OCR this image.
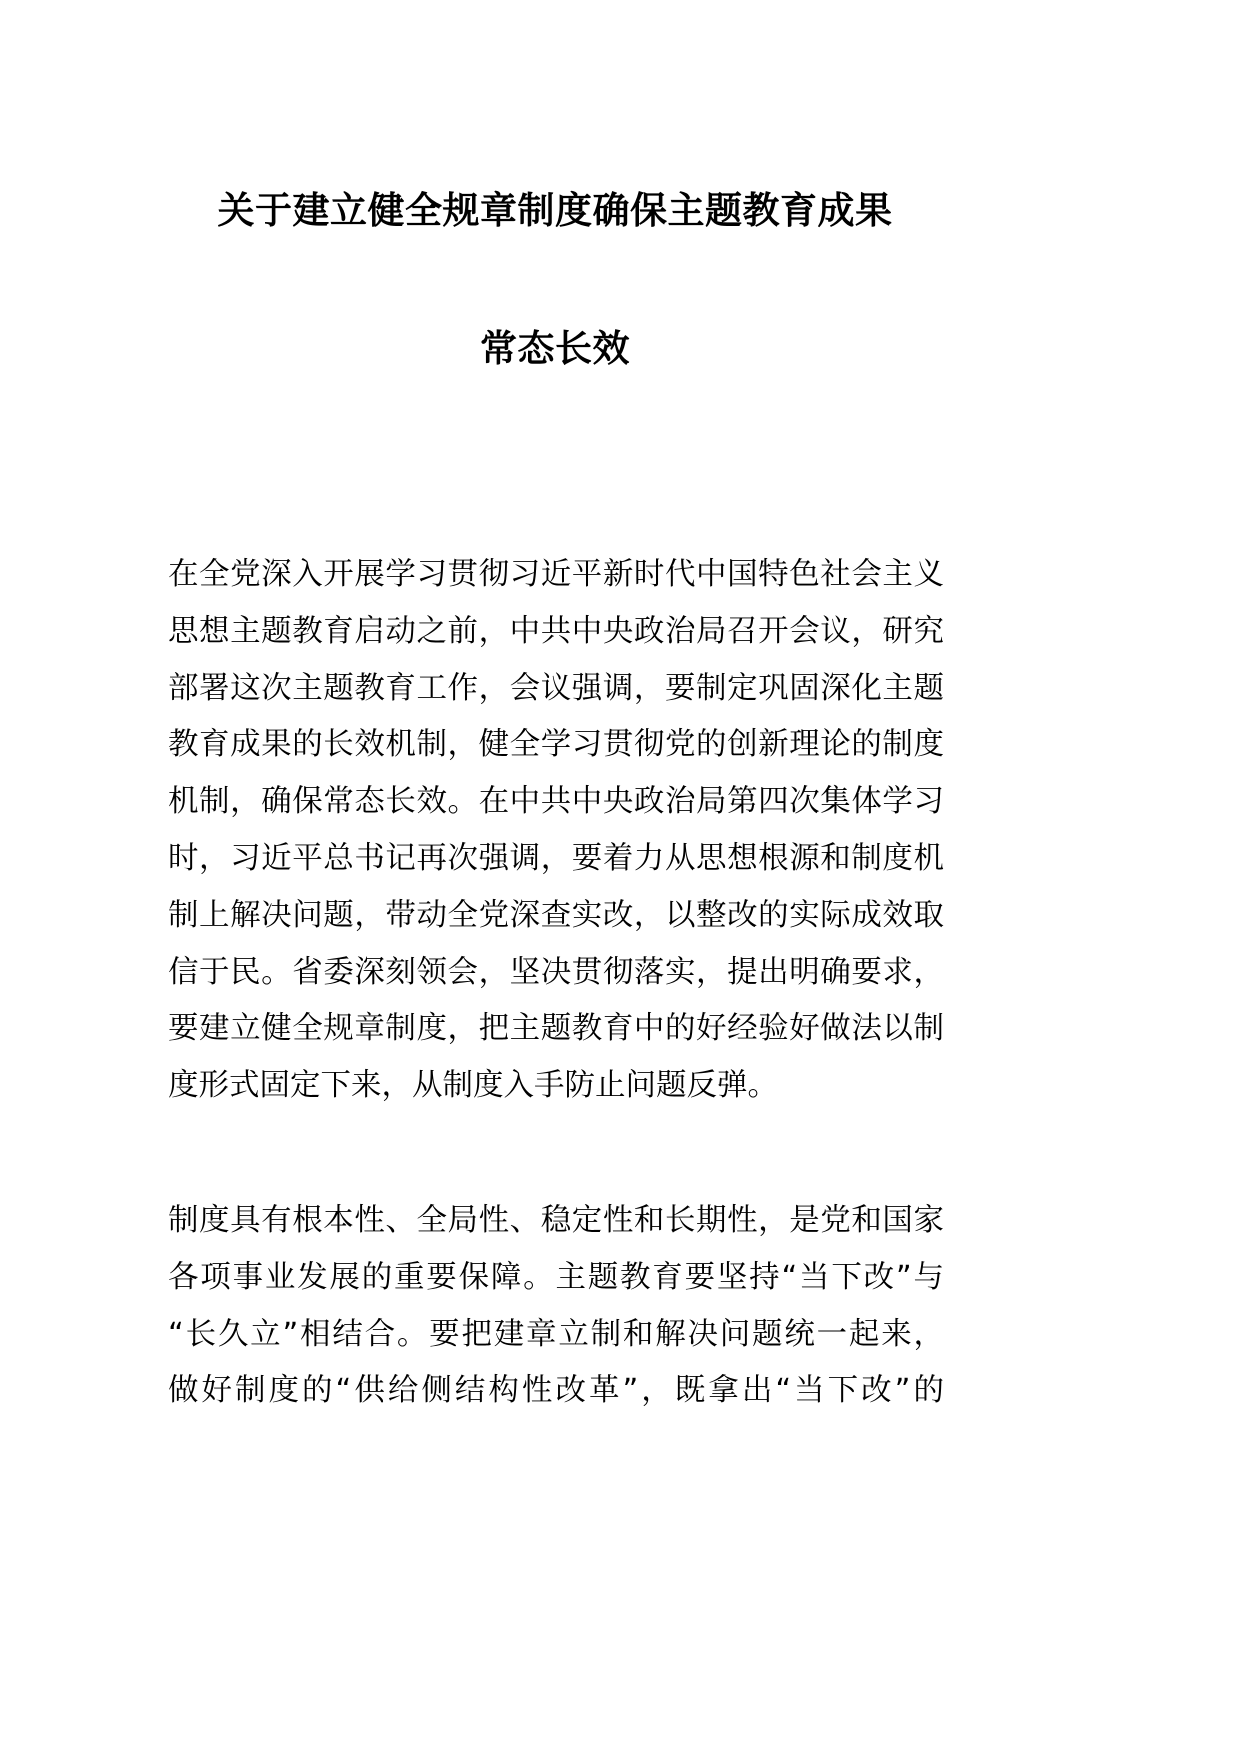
关于建立健全规章制度确保主题教育成果
常态长效
在全党深入开展学习贯彻习近平新时代中国特色社会主义
思想主题教育启动之前，中共中央政治局召开会议，研究
部署这次主题教育工作，会议强调，要制定巩固深化主题
教育成果的长效机制，健全学习贯彻党的创新理论的制度
机制，确保常态长效。在中共中央政治局第四次集体学习
时，习近平总书记再次强调，要着力从思想根源和制度机
制上解决问题，带动全党深查实改，以整改的实际成效取
信于民。省委深刻领会，坚决贯彻落实，提出明确要求，
要建立健全规章制度，把主题教育中的好经验好做法以制
度形式固定下来，从制度入手防止问题反弹。
制度具有根本性、全局性、稳定性和长期性，是党和国家
各项事业发展的重要保障。主题教育要坚持“当下改”与
“长久立”相结合。要把建章立制和解决问题统一起来，
做好制度的“供给侧结构性改革”，既拿出“当下改”的
